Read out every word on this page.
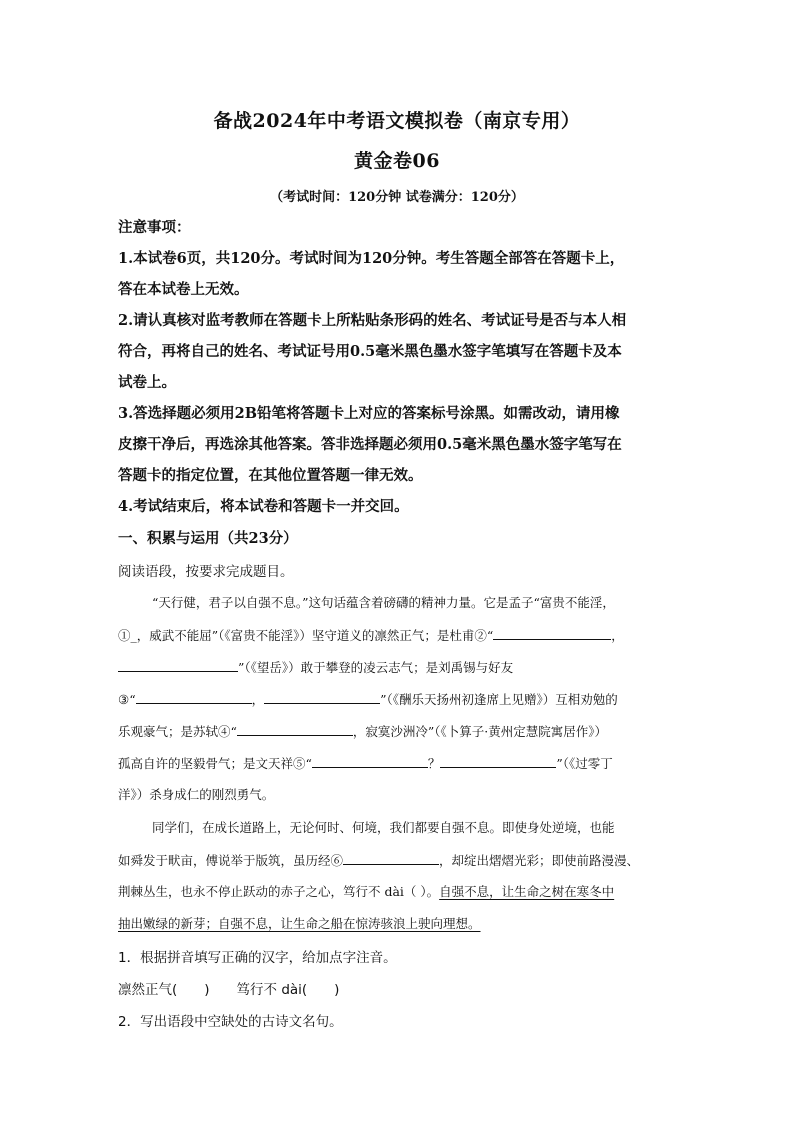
备战2024年中考语文模拟卷（南京专用）
黄金卷06
（考试时间：120分钟 试卷满分：120分）
注意事项：
1.本试卷6页，共120分。考试时间为120分钟。考生答题全部答在答题卡上，
答在本试卷上无效。
2.请认真核对监考教师在答题卡上所粘贴条形码的姓名、考试证号是否与本人相
符合，再将自己的姓名、考试证号用0.5毫米黑色墨水签字笔填写在答题卡及本
试卷上。
3.答选择题必须用2B铅笔将答题卡上对应的答案标号涂黑。如需改动，请用橡
皮擦干净后，再选涂其他答案。答非选择题必须用0.5毫米黑色墨水签字笔写在
答题卡的指定位置，在其他位置答题一律无效。
4.考试结束后，将本试卷和答题卡一并交回。
一、积累与运用（共23分）
阅读语段，按要求完成题目。
“天行健，君子以自强不息。”这句话蕴含着磅礴的精神力量。它是孟子“富贵不能淫，
①_，威武不能屈”（《富贵不能淫》）坚守道义的凛然正气；是杜甫②“	，
”（《望岳》）敢于攀登的凌云志气；是刘禹锡与好友
③“	，	”（《酬乐天扬州初逢席上见赠》）互相劝勉的
乐观豪气；是苏轼④“	，寂寞沙洲冷”（《卜算子·黄州定慧院寓居作》）
孤高自许的坚毅骨气；是文天祥⑤“	？	”（《过零丁
洋》）杀身成仁的刚烈勇气。
同学们，在成长道路上，无论何时、何境，我们都要自强不息。即使身处逆境，也能
如舜发于畎亩，傅说举于版筑，虽历经⑥	，却绽出熠熠光彩；即使前路漫漫、
荆棘丛生，也永不停止跃动的赤子之心，笃行不 dài（ ）。自强不息，让生命之树在寒冬中
抽出嫩绿的新芽；自强不息，让生命之船在惊涛骇浪上驶向理想。
1．根据拼音填写正确的汉字，给加点字注音。
凛然正气(　　)　　笃行不 dài(　　)
2．写出语段中空缺处的古诗文名句。
